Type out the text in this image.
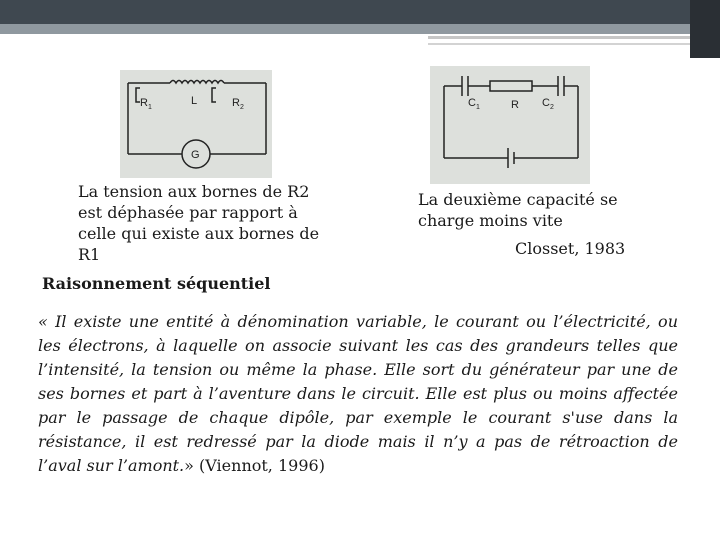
$R_1$
L	$R_2$
G
$C_1$	R $C_2$
La tension aux bornes de R2 est déphasée par rapport à celle qui existe aux bornes de R1
La deuxième capacité se charge moins vite
Closset, 1983
Raisonnement séquentiel
« Il existe une entité à dénomination variable, le courant ou l’électricité, ou les électrons, à laquelle on associe suivant les cas des grandeurs telles que l’intensité, la tension ou même la phase. Elle sort du générateur par une de ses bornes et part à l’aventure dans le circuit. Elle est plus ou moins affectée par le passage de chaque dipôle, par exemple le courant s'use dans la résistance, il est redressé par la diode mais il n’y a pas de rétroaction de l’aval sur l’amont.» (Viennot, 1996)
